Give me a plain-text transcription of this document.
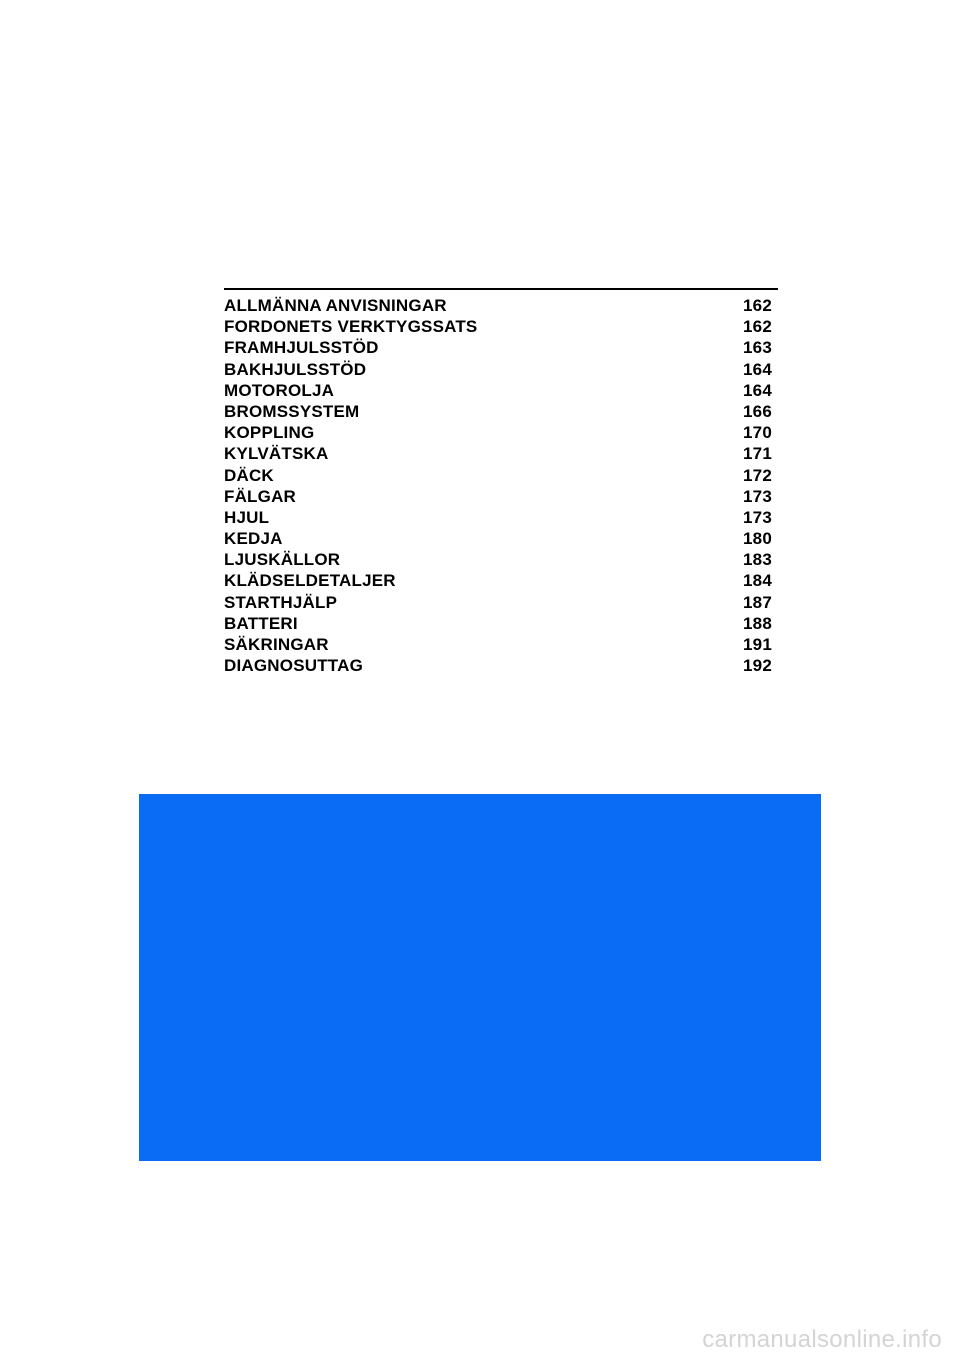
ALLMÄNNA ANVISNINGAR	162
FORDONETS VERKTYGSSATS	162
FRAMHJULSSTÖD	163
BAKHJULSSTÖD	164
MOTOROLJA	164
BROMSSYSTEM	166
KOPPLING	170
KYLVÄTSKA	171
DÄCK	172
FÄLGAR	173
HJUL	173
KEDJA	180
LJUSKÄLLOR	183
KLÄDSELDETALJER	184
STARTHJÄLP	187
BATTERI	188
SÄKRINGAR	191
DIAGNOSUTTAG	192
carmanualsonline.info
